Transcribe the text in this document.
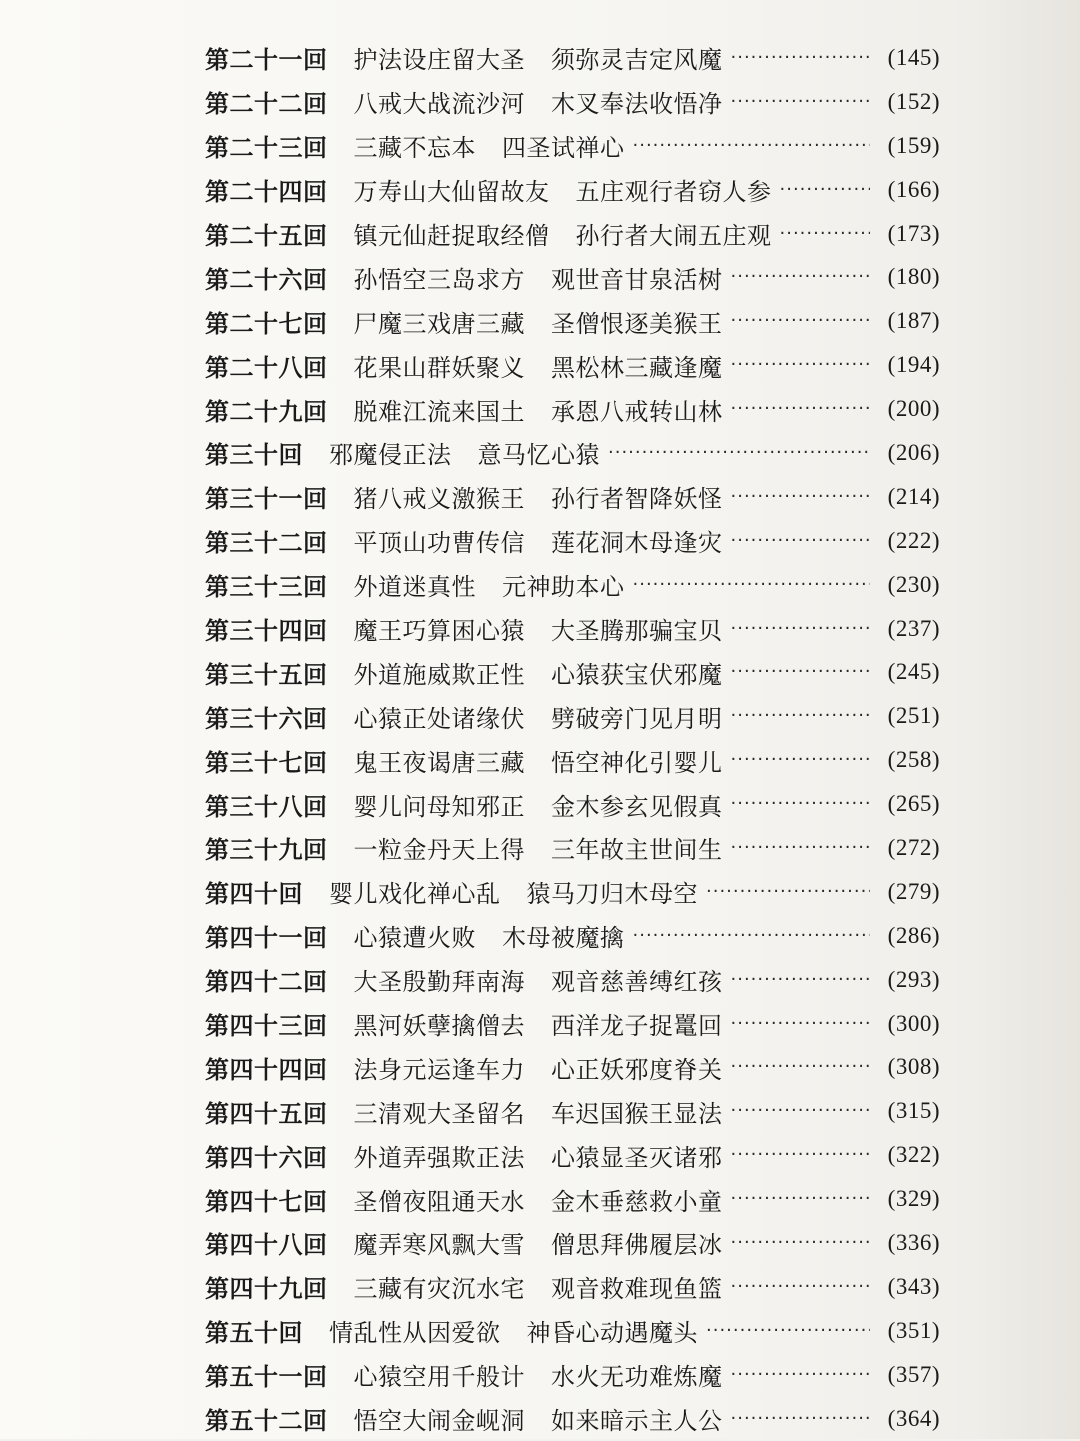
第二十一回 护法设庄留大圣 须弥灵吉定风魔 ·····	(145)
第二十二回 八戒大战流沙河 木叉奉法收悟净 ·····	(152)
第二十三回 三藏不忘本 四圣试禅心 ·····	(159)
第二十四回 万寿山大仙留故友 五庄观行者窃人参 ·····	(166)
第二十五回 镇元仙赶捉取经僧 孙行者大闹五庄观 ·····	(173)
第二十六回 孙悟空三岛求方 观世音甘泉活树 ·····	(180)
第二十七回 尸魔三戏唐三藏 圣僧恨逐美猴王 ·····	(187)
第二十八回 花果山群妖聚义 黑松林三藏逢魔 ·····	(194)
第二十九回 脱难江流来国土 承恩八戒转山林 ·····	(200)
第三十回 邪魔侵正法 意马忆心猿 ·····	(206)
第三十一回 猪八戒义激猴王 孙行者智降妖怪 ·····	(214)
第三十二回 平顶山功曹传信 莲花洞木母逢灾 ·····	(222)
第三十三回 外道迷真性 元神助本心 ·····	(230)
第三十四回 魔王巧算困心猿 大圣腾那骗宝贝 ·····	(237)
第三十五回 外道施威欺正性 心猿获宝伏邪魔 ·····	(245)
第三十六回 心猿正处诸缘伏 劈破旁门见月明 ·····	(251)
第三十七回 鬼王夜谒唐三藏 悟空神化引婴儿 ·····	(258)
第三十八回 婴儿问母知邪正 金木参玄见假真 ·····	(265)
第三十九回 一粒金丹天上得 三年故主世间生 ·····	(272)
第四十回 婴儿戏化禅心乱 猿马刀归木母空 ·····	(279)
第四十一回 心猿遭火败 木母被魔擒 ·····	(286)
第四十二回 大圣殷勤拜南海 观音慈善缚红孩 ·····	(293)
第四十三回 黑河妖孽擒僧去 西洋龙子捉鼍回 ·····	(300)
第四十四回 法身元运逢车力 心正妖邪度脊关 ·····	(308)
第四十五回 三清观大圣留名 车迟国猴王显法 ·····	(315)
第四十六回 外道弄强欺正法 心猿显圣灭诸邪 ·····	(322)
第四十七回 圣僧夜阻通天水 金木垂慈救小童 ·····	(329)
第四十八回 魔弄寒风飘大雪 僧思拜佛履层冰 ·····	(336)
第四十九回 三藏有灾沉水宅 观音救难现鱼篮 ·····	(343)
第五十回 情乱性从因爱欲 神昏心动遇魔头 ·····	(351)
第五十一回 心猿空用千般计 水火无功难炼魔 ·····	(357)
第五十二回 悟空大闹金岘洞 如来暗示主人公 ·····	(364)
